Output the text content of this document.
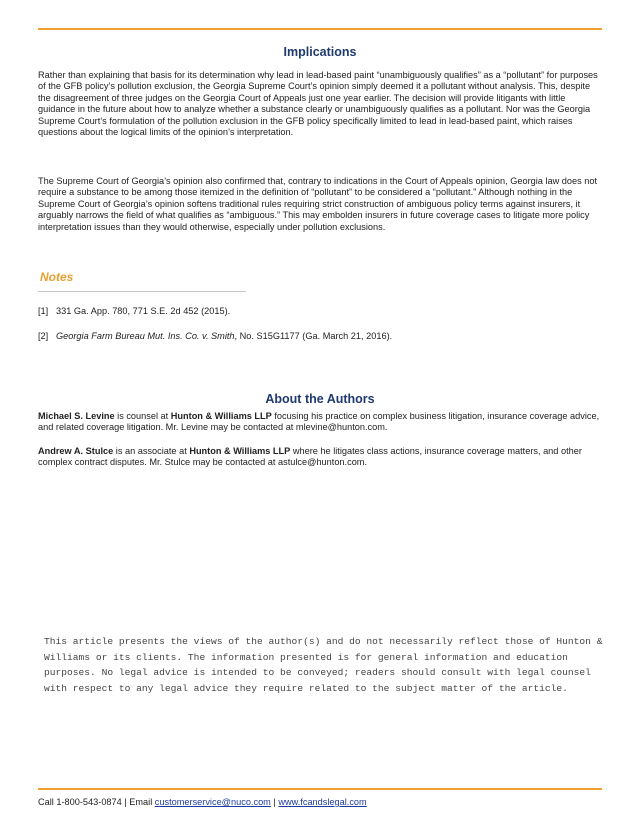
Implications
Rather than explaining that basis for its determination why lead in lead-based paint “unambiguously qualifies” as a “pollutant” for purposes of the GFB policy’s pollution exclusion, the Georgia Supreme Court’s opinion simply deemed it a pollutant without analysis. This, despite the disagreement of three judges on the Georgia Court of Appeals just one year earlier. The decision will provide litigants with little guidance in the future about how to analyze whether a substance clearly or unambiguously qualifies as a pollutant. Nor was the Georgia Supreme Court’s formulation of the pollution exclusion in the GFB policy specifically limited to lead in lead-based paint, which raises questions about the logical limits of the opinion’s interpretation.
The Supreme Court of Georgia’s opinion also confirmed that, contrary to indications in the Court of Appeals opinion, Georgia law does not require a substance to be among those itemized in the definition of “pollutant” to be considered a “pollutant.” Although nothing in the Supreme Court of Georgia’s opinion softens traditional rules requiring strict construction of ambiguous policy terms against insurers, it arguably narrows the field of what qualifies as “ambiguous.” This may embolden insurers in future coverage cases to litigate more policy interpretation issues than they would otherwise, especially under pollution exclusions.
Notes
[1] 331 Ga. App. 780, 771 S.E. 2d 452 (2015).
[2] Georgia Farm Bureau Mut. Ins. Co. v. Smith, No. S15G1177 (Ga. March 21, 2016).
About the Authors
Michael S. Levine is counsel at Hunton & Williams LLP focusing his practice on complex business litigation, insurance coverage advice, and related coverage litigation. Mr. Levine may be contacted at mlevine@hunton.com.
Andrew A. Stulce is an associate at Hunton & Williams LLP where he litigates class actions, insurance coverage matters, and other complex contract disputes. Mr. Stulce may be contacted at astulce@hunton.com.
This article presents the views of the author(s) and do not necessarily reflect those of Hunton & Williams or its clients. The information presented is for general information and education purposes. No legal advice is intended to be conveyed; readers should consult with legal counsel with respect to any legal advice they require related to the subject matter of the article.
Call 1-800-543-0874 | Email customerservice@nuco.com | www.fcandslegal.com
